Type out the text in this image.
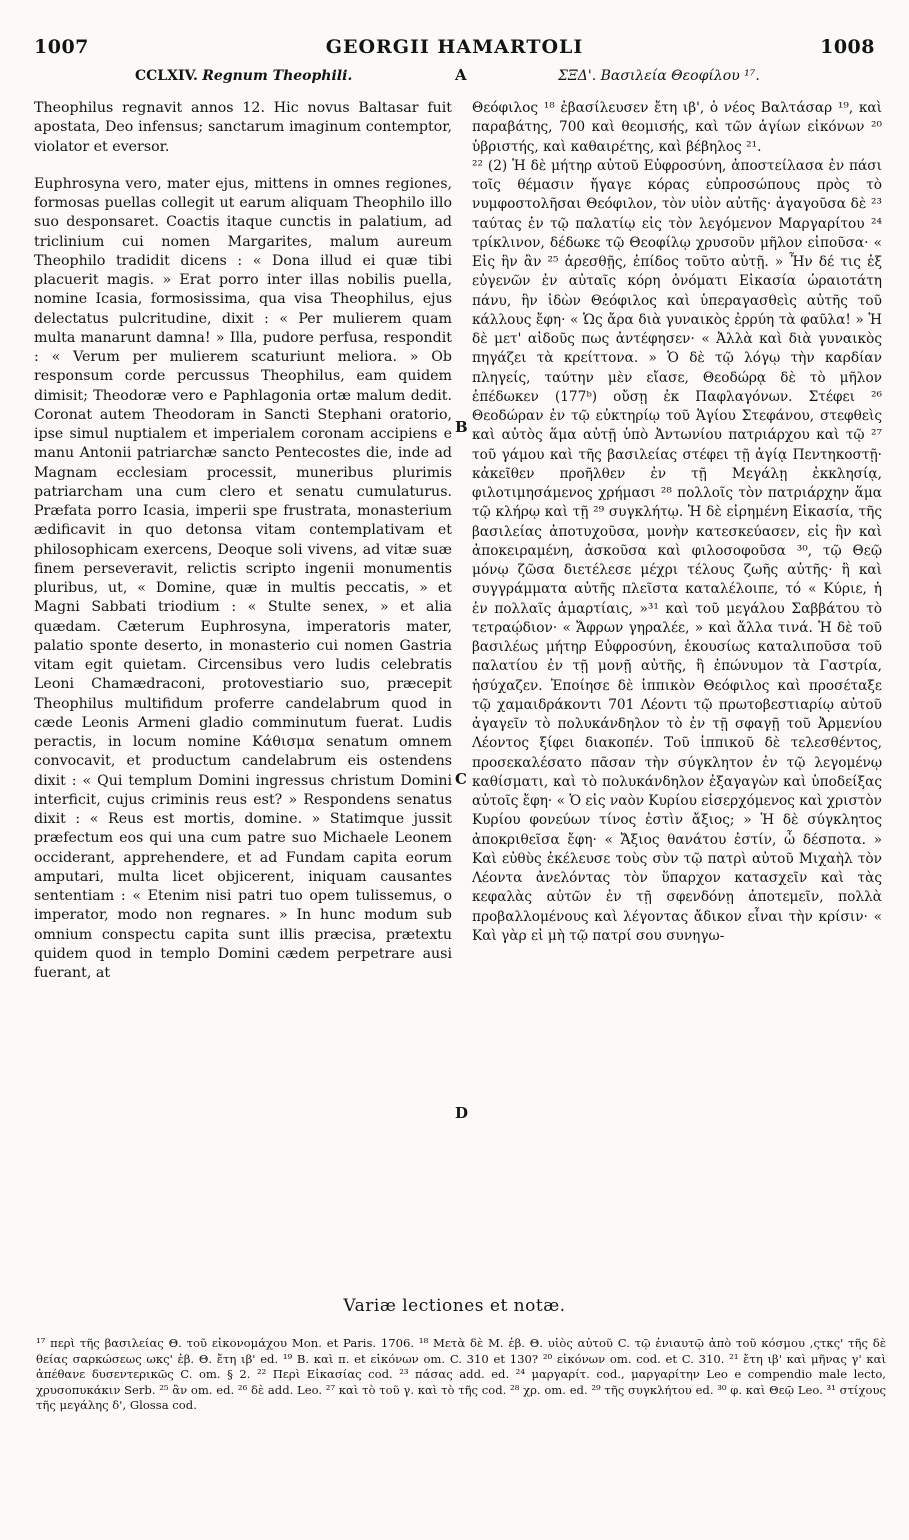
1007	GEORGII HAMARTOLI	1008
CCLXIV. Regnum Theophili.	ΣΞΔ'. Βασιλεία Θεοφίλου ¹⁷.
A
B
C
D

Theophilus regnavit annos 12. Hic novus Baltasar fuit apostata, Deo infensus; sanctarum imaginum contemptor, violator et eversor.

Euphrosyna vero, mater ejus, mittens in omnes regiones, formosas puellas collegit ut earum aliquam Theophilo illo suo desponsaret. Coactis itaque cunctis in palatium, ad triclinium cui nomen Margarites, malum aureum Theophilo tradidit dicens : « Dona illud ei quæ tibi placuerit magis. » Erat porro inter illas nobilis puella, nomine Icasia, formosissima, qua visa Theophilus, ejus delectatus pulcritudine, dixit : « Per mulierem quam multa manarunt damna! » Illa, pudore perfusa, respondit : « Verum per mulierem scaturiunt meliora. » Ob responsum corde percussus Theophilus, eam quidem dimisit; Theodoræ vero e Paphlagonia ortæ malum dedit. Coronat autem Theodoram in Sancti Stephani oratorio, ipse simul nuptialem et imperialem coronam accipiens e manu Antonii patriarchæ sancto Pentecostes die, inde ad Magnam ecclesiam processit, muneribus plurimis patriarcham una cum clero et senatu cumulaturus. Præfata porro Icasia, imperii spe frustrata, monasterium ædificavit in quo detonsa vitam contemplativam et philosophicam exercens, Deoque soli vivens, ad vitæ suæ finem perseveravit, relictis scripto ingenii monumentis pluribus, ut, « Domine, quæ in multis peccatis, » et Magni Sabbati triodium : « Stulte senex, » et alia quædam. Cæterum Euphrosyna, imperatoris mater, palatio sponte deserto, in monasterio cui nomen Gastria vitam egit quietam. Circensibus vero ludis celebratis Leoni Chamædraconi, protovestiario suo, præcepit Theophilus multifidum proferre candelabrum quod in cæde Leonis Armeni gladio comminutum fuerat. Ludis peractis, in locum nomine Κάθισμα senatum omnem convocavit, et productum candelabrum eis ostendens dixit : « Qui templum Domini ingressus christum Domini interficit, cujus criminis reus est? » Respondens senatus dixit : « Reus est mortis, domine. » Statimque jussit præfectum eos qui una cum patre suo Michaele Leonem occiderant, apprehendere, et ad Fundam capita eorum amputari, multa licet objicerent, iniquam causantes sententiam : « Etenim nisi patri tuo opem tulissemus, o imperator, modo non regnares. » In hunc modum sub omnium conspectu capita sunt illis præcisa, prætextu quidem quod in templo Domini cædem perpetrare ausi fuerant, at

Θεόφιλος ¹⁸ ἐβασίλευσεν ἔτη ιβ', ὁ νέος Βαλτάσαρ ¹⁹, καὶ παραβάτης, 700 καὶ θεομισής, καὶ τῶν ἁγίων εἰκόνων ²⁰ ὑβριστής, καὶ καθαιρέτης, καὶ βέβηλος ²¹.

²² (2) Ἡ δὲ μήτηρ αὐτοῦ Εὐφροσύνη, ἀποστείλασα ἐν πάσι τοῖς θέμασιν ἤγαγε κόρας εὐπροσώπους πρὸς τὸ νυμφοστολῆσαι Θεόφιλον, τὸν υἱὸν αὐτῆς· ἀγαγοῦσα δὲ ²³ ταύτας ἐν τῷ παλατίῳ εἰς τὸν λεγόμενον Μαργαρίτου ²⁴ τρίκλινον, δέδωκε τῷ Θεοφίλῳ χρυσοῦν μῆλον εἰποῦσα· « Εἰς ἣν ἂν ²⁵ ἀρεσθῇς, ἐπίδος τοῦτο αὐτῇ. » Ἦν δέ τις ἐξ εὐγενῶν ἐν αὐταῖς κόρη ὀνόματι Εἰκασία ὡραιοτάτη πάνυ, ἣν ἰδὼν Θεόφιλος καὶ ὑπεραγασθεὶς αὐτῆς τοῦ κάλλους ἔφη· « Ὡς ἄρα διὰ γυναικὸς ἐρρύη τὰ φαῦλα! » Ἡ δὲ μετ' αἰδοῦς πως ἀντέφησεν· « Ἀλλὰ καὶ διὰ γυναικὸς πηγάζει τὰ κρείττονα. » Ὁ δὲ τῷ λόγῳ τὴν καρδίαν πληγείς, ταύτην μὲν εἴασε, Θεοδώρᾳ δὲ τὸ μῆλον ἐπέδωκεν (177ᵇ) οὔσῃ ἐκ Παφλαγόνων. Στέφει ²⁶ Θεοδώραν ἐν τῷ εὐκτηρίῳ τοῦ Ἁγίου Στεφάνου, στεφθεὶς καὶ αὐτὸς ἅμα αὐτῇ ὑπὸ Ἀντωνίου πατριάρχου καὶ τῷ ²⁷ τοῦ γάμου καὶ τῆς βασιλείας στέφει τῇ ἁγίᾳ Πεντηκοστῇ· κἀκεῖθεν προῆλθεν ἐν τῇ Μεγάλῃ ἐκκλησίᾳ, φιλοτιμησάμενος χρήμασι ²⁸ πολλοῖς τὸν πατριάρχην ἅμα τῷ κλήρῳ καὶ τῇ ²⁹ συγκλήτῳ. Ἡ δὲ εἰρημένη Εἰκασία, τῆς βασιλείας ἀποτυχοῦσα, μονὴν κατεσκεύασεν, εἰς ἣν καὶ ἀποκειραμένη, ἀσκοῦσα καὶ φιλοσοφοῦσα ³⁰, τῷ Θεῷ μόνῳ ζῶσα διετέλεσε μέχρι τέλους ζωῆς αὐτῆς· ἣ καὶ συγγράμματα αὐτῆς πλεῖστα καταλέλοιπε, τό « Κύριε, ἡ ἐν πολλαῖς ἁμαρτίαις, »³¹ καὶ τοῦ μεγάλου Σαββάτου τὸ τετραῴδιον· « Ἄφρων γηραλέε, » καὶ ἄλλα τινά. Ἡ δὲ τοῦ βασιλέως μήτηρ Εὐφροσύνη, ἑκουσίως καταλιποῦσα τοῦ παλατίου ἐν τῇ μονῇ αὐτῆς, ἣ ἐπώνυμον τὰ Γαστρία, ἡσύχαζεν. Ἐποίησε δὲ ἱππικὸν Θεόφιλος καὶ προσέταξε τῷ χαμαιδράκοντι 701 Λέοντι τῷ πρωτοβεστιαρίῳ αὐτοῦ ἀγαγεῖν τὸ πολυκάνδηλον τὸ ἐν τῇ σφαγῇ τοῦ Ἀρμενίου Λέοντος ξίφει διακοπέν. Τοῦ ἱππικοῦ δὲ τελεσθέντος, προσεκαλέσατο πᾶσαν τὴν σύγκλητον ἐν τῷ λεγομένῳ καθίσματι, καὶ τὸ πολυκάνδηλον ἐξαγαγὼν καὶ ὑποδείξας αὐτοῖς ἔφη· « Ὁ εἰς ναὸν Κυρίου εἰσερχόμενος καὶ χριστὸν Κυρίου φονεύων τίνος ἐστὶν ἄξιος; » Ἡ δὲ σύγκλητος ἀποκριθεῖσα ἔφη· « Ἄξιος θανάτου ἐστίν, ὦ δέσποτα. » Καὶ εὐθὺς ἐκέλευσε τοὺς σὺν τῷ πατρὶ αὐτοῦ Μιχαὴλ τὸν Λέοντα ἀνελόντας τὸν ὕπαρχον κατασχεῖν καὶ τὰς κεφαλὰς αὐτῶν ἐν τῇ σφενδόνῃ ἀποτεμεῖν, πολλὰ προβαλλομένους καὶ λέγοντας ἄδικον εἶναι τὴν κρίσιν· « Καὶ γὰρ εἰ μὴ τῷ πατρί σου συνηγω-

Variæ lectiones et notæ.
¹⁷ περὶ τῆς βασιλείας Θ. τοῦ εἰκονομάχου Mon. et Paris. 1706. ¹⁸ Μετὰ δὲ Μ. ἐβ. Θ. υἱὸς αὐτοῦ C. τῷ ἐνιαυτῷ ἀπὸ τοῦ κόσμου ,ςτκς' τῆς δὲ θείας σαρκώσεως ωκς' ἐβ. Θ. ἔτη ιβ' ed. ¹⁹ Β. καὶ π. et εἰκόνων om. C. 310 et 130? ²⁰ εἰκόνων om. cod. et C. 310. ²¹ ἔτη ιβ' καὶ μῆνας γ' καὶ ἀπέθανε δυσεντερικῶς C. om. § 2. ²² Περὶ Εἰκασίας cod. ²³ πάσας add. ed. ²⁴ μαργαρίτ. cod., μαργαρίτην Leo e compendio male lecto, χρυσοπυκάκιν Serb. ²⁵ ἂν om. ed. ²⁶ δὲ add. Leo. ²⁷ καὶ τὸ τοῦ γ. καὶ τὸ τῆς cod. ²⁸ χρ. om. ed. ²⁹ τῆς συγκλήτου ed. ³⁰ φ. καὶ Θεῷ Leo. ³¹ στίχους τῆς μεγάλης δ', Glossa cod.
